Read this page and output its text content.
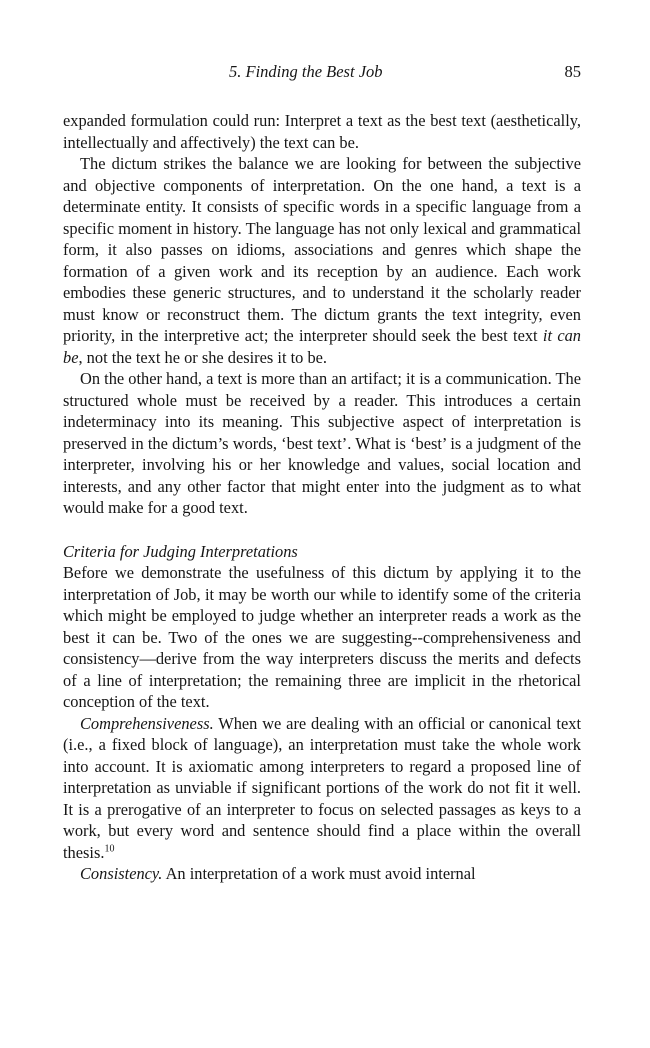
5. Finding the Best Job	85

expanded formulation could run: Interpret a text as the best text (aesthetically, intellectually and affectively) the text can be.

The dictum strikes the balance we are looking for between the subjective and objective components of interpretation. On the one hand, a text is a determinate entity. It consists of specific words in a specific language from a specific moment in history. The language has not only lexical and grammatical form, it also passes on idioms, associations and genres which shape the formation of a given work and its reception by an audience. Each work embodies these generic structures, and to understand it the scholarly reader must know or reconstruct them. The dictum grants the text integrity, even priority, in the interpretive act; the interpreter should seek the best text it can be, not the text he or she desires it to be.

On the other hand, a text is more than an artifact; it is a communication. The structured whole must be received by a reader. This introduces a certain indeterminacy into its meaning. This subjective aspect of interpretation is preserved in the dictum’s words, ‘best text’. What is ‘best’ is a judgment of the interpreter, involving his or her knowledge and values, social location and interests, and any other factor that might enter into the judgment as to what would make for a good text.

Criteria for Judging Interpretations

Before we demonstrate the usefulness of this dictum by applying it to the interpretation of Job, it may be worth our while to identify some of the criteria which might be employed to judge whether an interpreter reads a work as the best it can be. Two of the ones we are suggesting--comprehensiveness and consistency—derive from the way interpreters discuss the merits and defects of a line of interpretation; the remaining three are implicit in the rhetorical conception of the text.

Comprehensiveness. When we are dealing with an official or canonical text (i.e., a fixed block of language), an interpretation must take the whole work into account. It is axiomatic among interpreters to regard a proposed line of interpretation as unviable if significant portions of the work do not fit it well. It is a prerogative of an interpreter to focus on selected passages as keys to a work, but every word and sentence should find a place within the overall thesis.$^{10}$

Consistency. An interpretation of a work must avoid internal
